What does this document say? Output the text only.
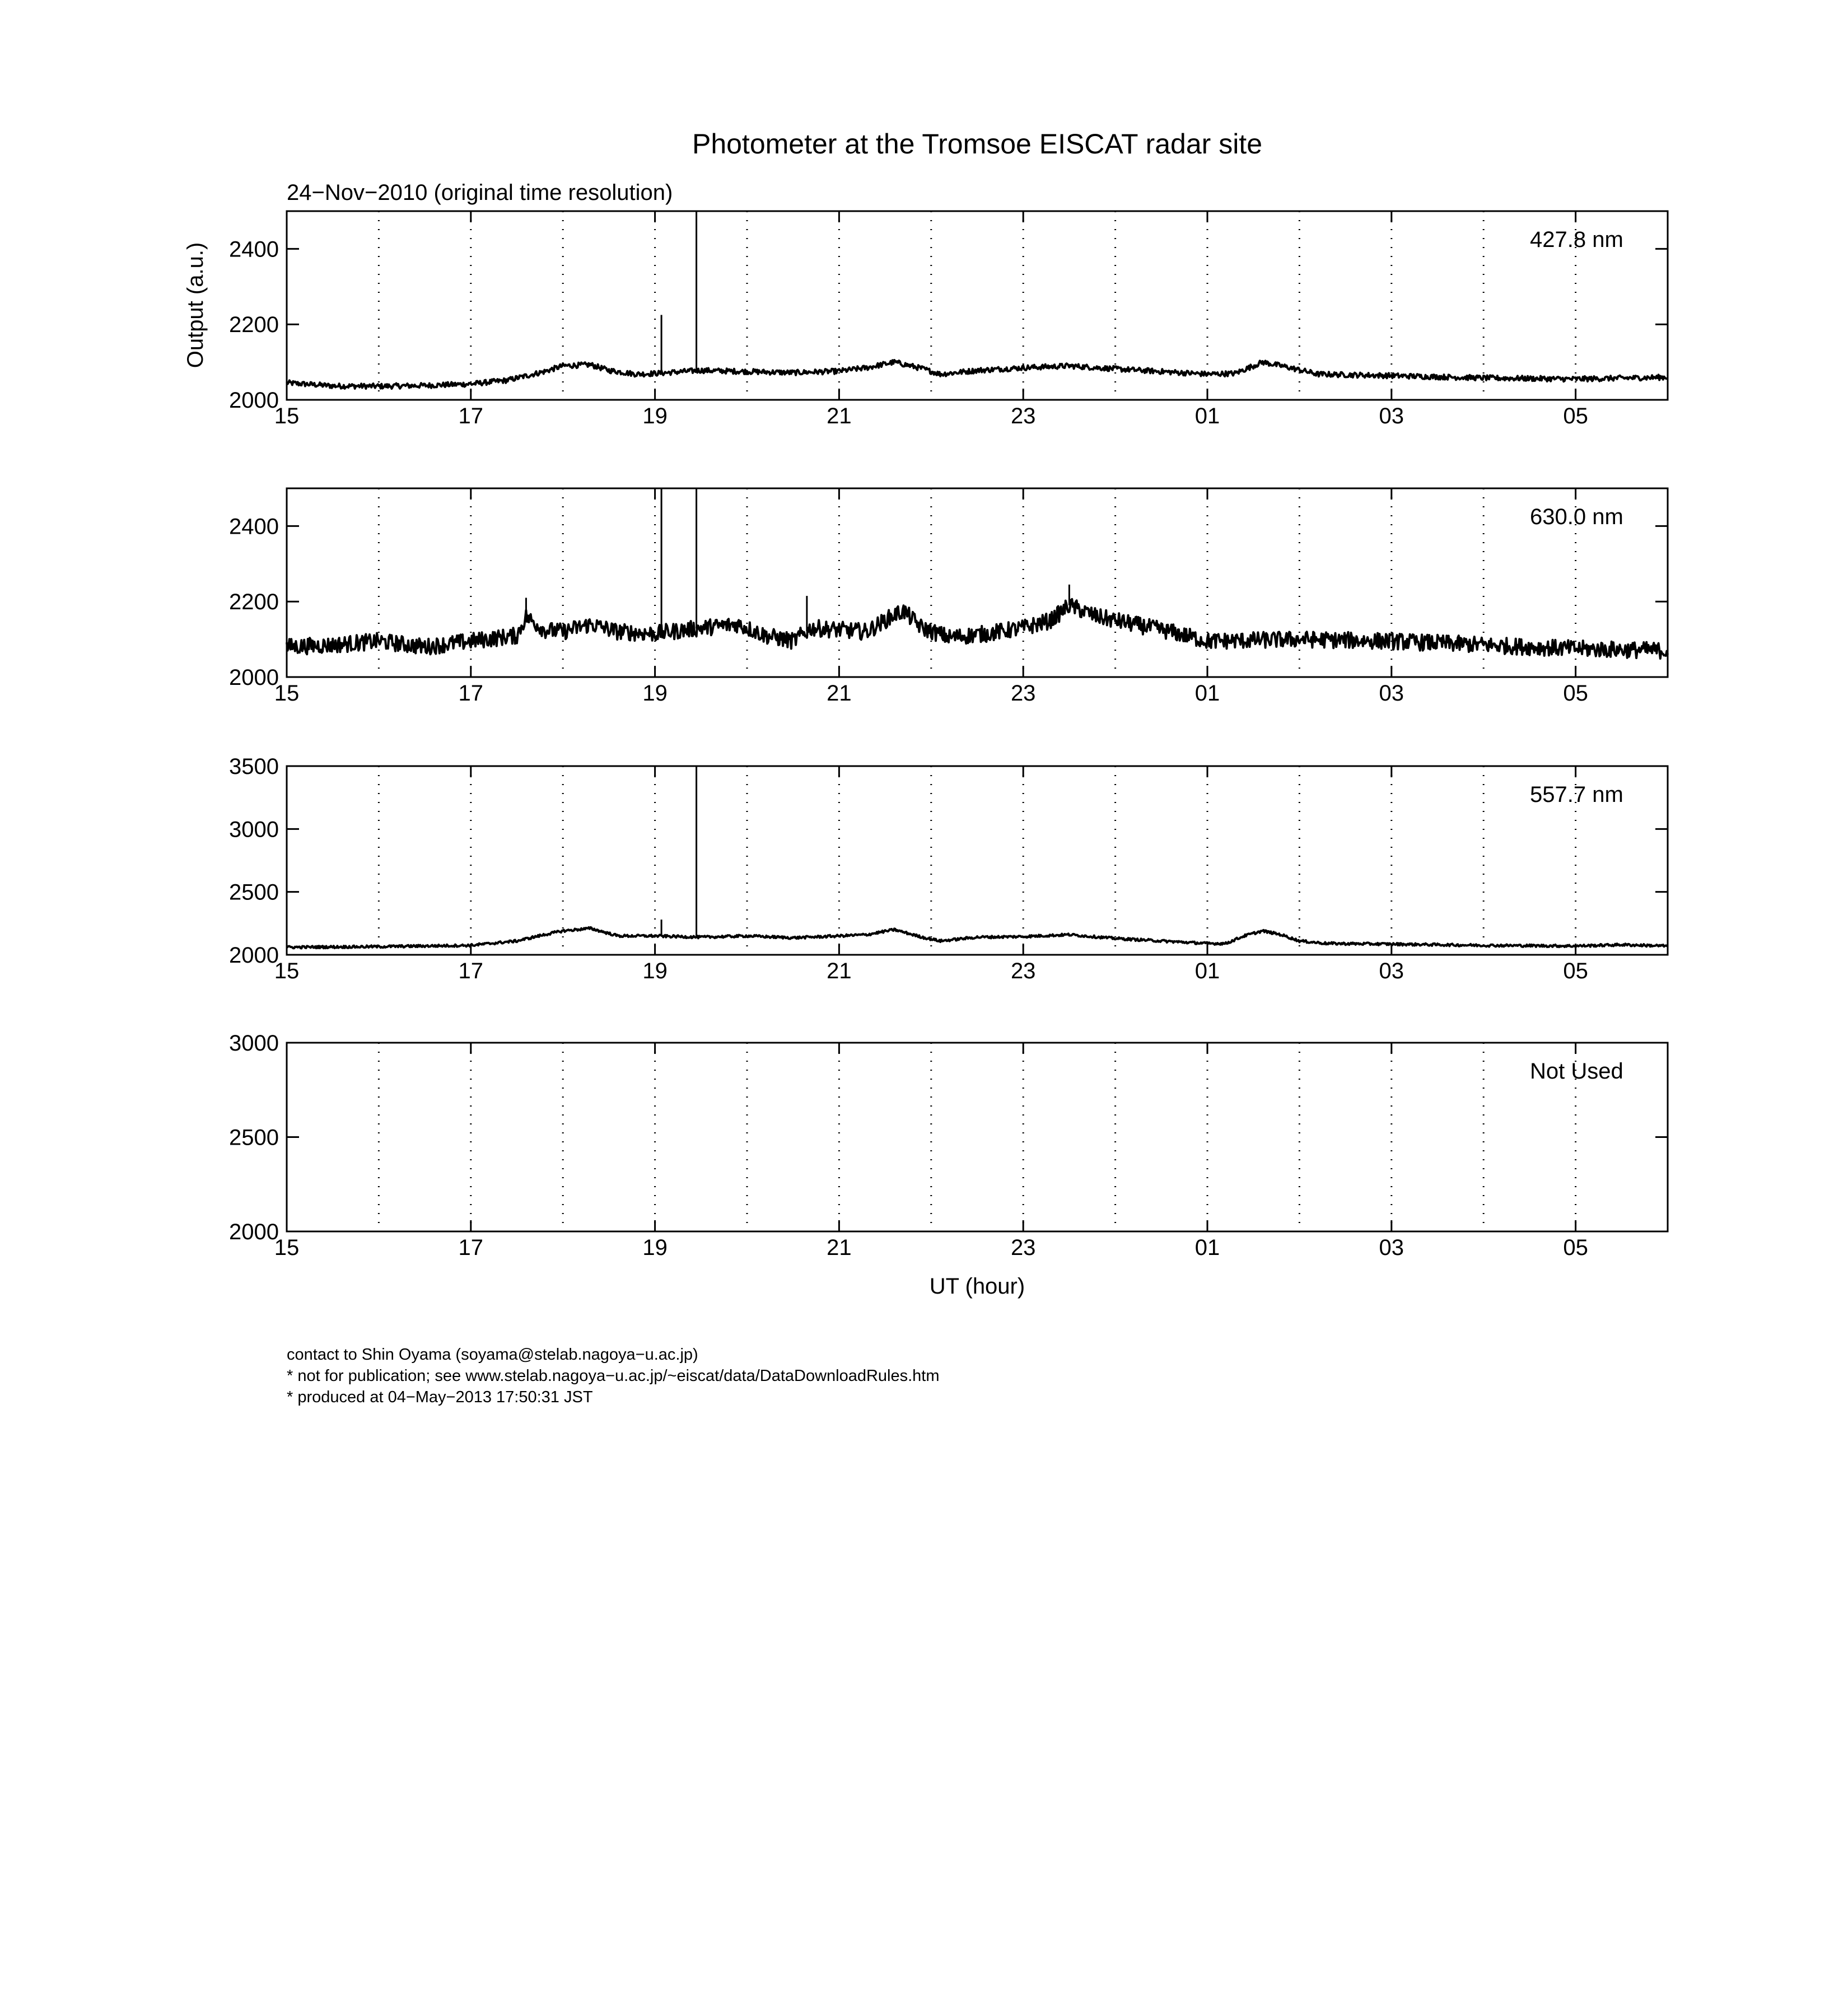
Photometer at the Tromsoe EISCAT radar site
24−Nov−2010 (original time resolution)
Output (a.u.)
UT (hour)
15	17	19	21	23	01	03	05
2000
2200
2400	427.8 nm
15	17	19	21	23	01	03	05
2000
2200
2400	630.0 nm
15	17	19	21	23	01	03	05
2000
2500
3000
3500
557.7 nm
15	17	19	21	23	01	03	05
2000
2500
3000
Not Used
contact to Shin Oyama (soyama@stelab.nagoya−u.ac.jp)
* not for publication; see www.stelab.nagoya−u.ac.jp/~eiscat/data/DataDownloadRules.htm
* produced at 04−May−2013 17:50:31 JST
